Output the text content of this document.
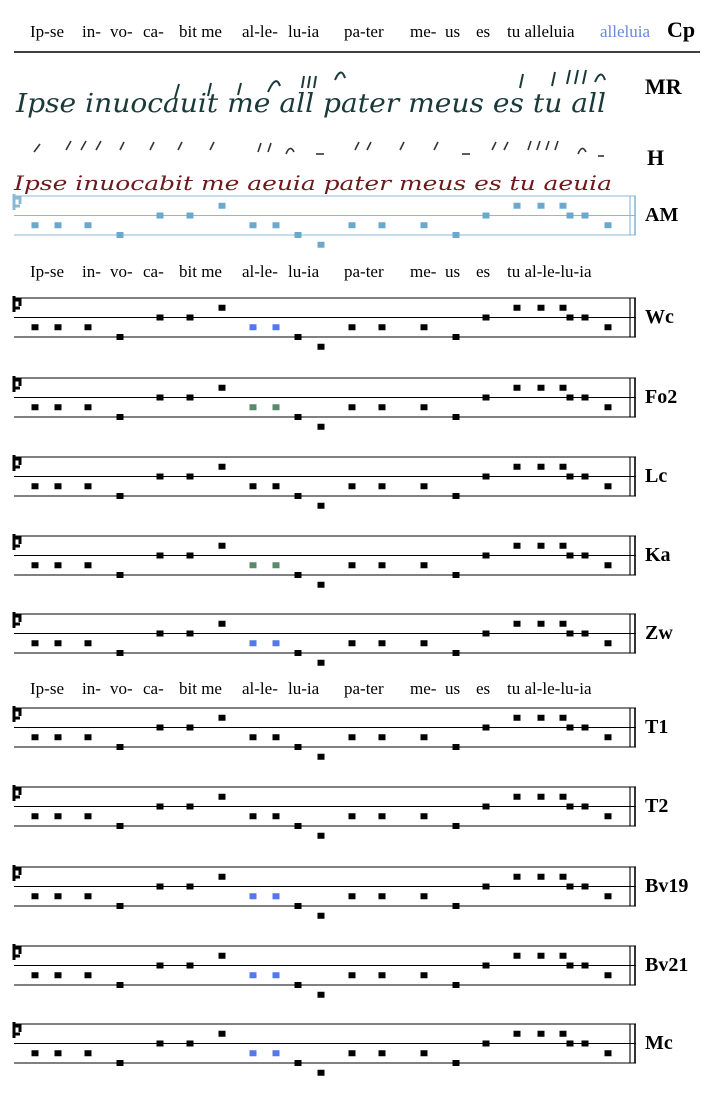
Ip-se in- vo- ca- bit me al-le- lu-ia pa-ter me- us es tu alleluia alleluia Cp
Ipse inuocauit me all pater meus es tu all
MR
Ipse inuocabit me aeuia pater meus es tu aeuia
H
Ip-se in- vo- ca- bit me al-le- lu-ia pa-ter me- us es tu al-le-lu-ia
Ip-se in- vo- ca- bit me al-le- lu-ia pa-ter me- us es tu al-le-lu-ia
AM
Wc
Fo2
Lc
Ka
Zw
T1
T2
Bv19
Bv21
Mc
